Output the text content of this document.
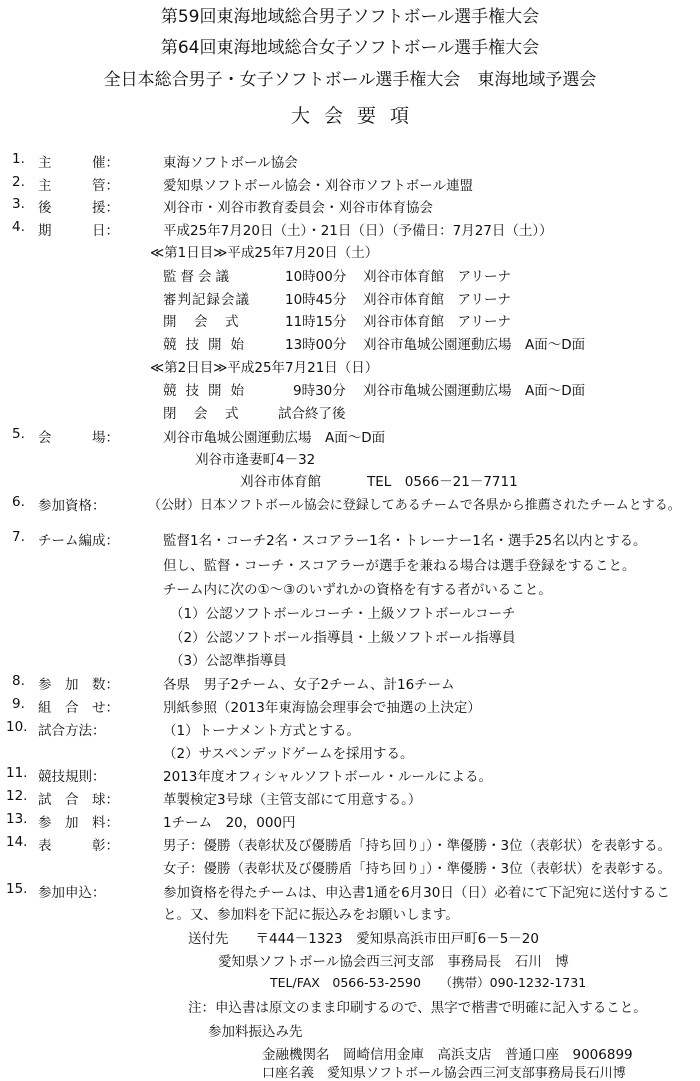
第59回東海地域総合男子ソフトボール選手権大会
第64回東海地域総合女子ソフトボール選手権大会
全日本総合男子・女子ソフトボール選手権大会　東海地域予選会
大会要項
1. 主　　　催：	東海ソフトボール協会
2. 主　　　管：	愛知県ソフトボール協会・刈谷市ソフトボール連盟
3. 後　　　援：	刈谷市・刈谷市教育委員会・刈谷市体育協会
4. 期　　　日：	平成25年7月20日（土）・21日（日）（予備日：7月27日（土））
≪第1日目≫平成25年7月20日（土）
監督会議	10時00分 刈谷市体育館　アリーナ
審判記録会議	10時45分 刈谷市体育館　アリーナ
開　会　式	11時15分 刈谷市体育館　アリーナ
競技開始 13時00分 刈谷市亀城公園運動広場　A面～D面
≪第2日目≫平成25年7月21日（日）
競技開始	9時30分 刈谷市亀城公園運動広場　A面～D面
閉　会　式	試合終了後
5. 会　　　場：	刈谷市亀城公園運動広場　A面～D面
刈谷市逢妻町4－32
刈谷市体育館	TEL　0566－21－7711
6. 参加資格：	（公財）日本ソフトボール協会に登録してあるチームで各県から推薦されたチームとする。
7. チーム編成：	監督1名・コーチ2名・スコアラー1名・トレーナー1名・選手25名以内とする。
但し、監督・コーチ・スコアラーが選手を兼ねる場合は選手登録をすること。
チーム内に次の①～③のいずれかの資格を有する者がいること。
（1）公認ソフトボールコーチ・上級ソフトボールコーチ
（2）公認ソフトボール指導員・上級ソフトボール指導員
（3）公認準指導員
8. 参　加　数：	各県　男子2チーム、女子2チーム、計16チーム
9. 組　合　せ：	別紙参照（2013年東海協会理事会で抽選の上決定）
10. 試合方法：	（1）トーナメント方式とする。
（2）サスペンデッドゲームを採用する。
11. 競技規則：	2013年度オフィシャルソフトボール・ルールによる。
12. 試　合　球：	革製検定3号球（主管支部にて用意する。）
13. 参　加　料：	1チーム　20，000円
14. 表　　　彰：	男子：優勝（表彰状及び優勝盾「持ち回り」）・準優勝・3位（表彰状）を表彰する。
女子：優勝（表彰状及び優勝盾「持ち回り」）・準優勝・3位（表彰状）を表彰する。
15. 参加申込：	参加資格を得たチームは、申込書1通を6月30日（日）必着にて下記宛に送付するこ
と。又、参加料を下記に振込みをお願いします。
送付先　　〒444－1323　愛知県高浜市田戸町6－5－20
愛知県ソフトボール協会西三河支部　事務局長　石川　博
TEL/FAX　0566-53-2590　　（携帯）090-1232-1731
注：申込書は原文のまま印刷するので、黒字で楷書で明確に記入すること。
参加料振込み先
金融機関名　岡崎信用金庫　高浜支店　普通口座　9006899
口座名義　愛知県ソフトボール協会西三河支部事務局長石川博
